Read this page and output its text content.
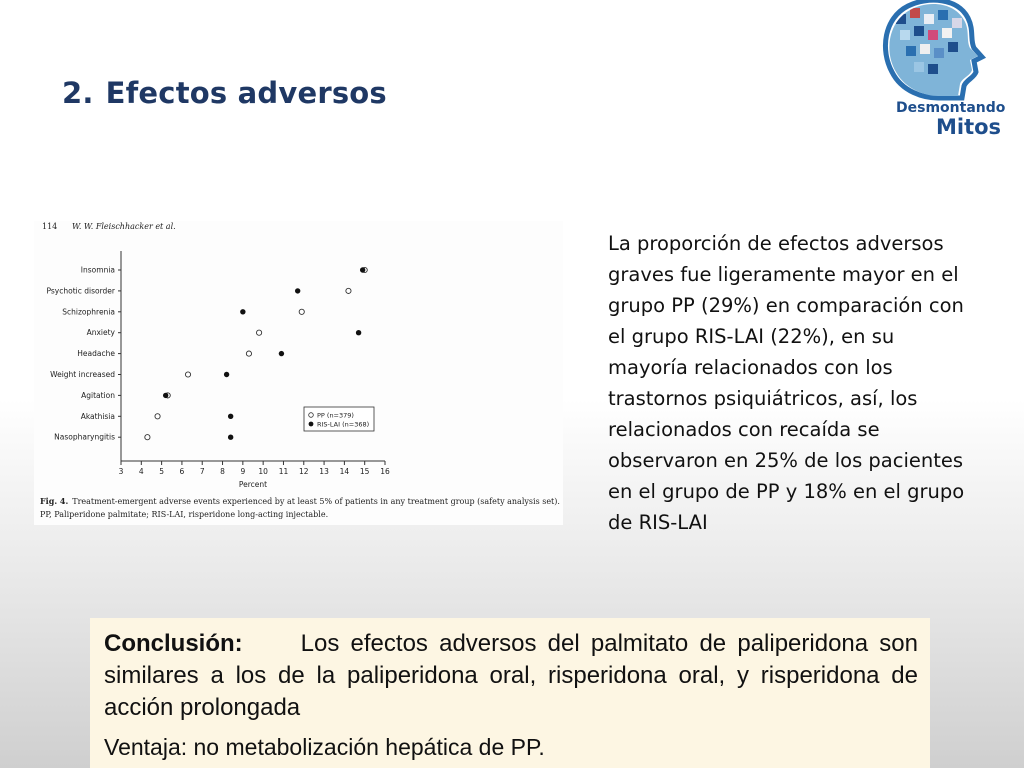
2. Efectos adversos	Desmontando
Mitos
114 W. W. Fleischhacker et al.
3 4 5 6 7 8 9 10 11 12 13 14 15 16
Percent
Insomnia
Psychotic disorder
Schizophrenia
Anxiety
Headache
Weight increased
Agitation
Akathisia
Nasopharyngitis
PP (n=379)
RIS-LAI (n=368)
Fig. 4. Treatment-emergent adverse events experienced by at least 5% of patients in any treatment group (safety analysis set).
PP, Paliperidone palmitate; RIS-LAI, risperidone long-acting injectable.
La proporción de efectos adversos graves fue ligeramente mayor en el grupo PP (29%) en comparación con el grupo RIS-LAI (22%), en su mayoría relacionados con los trastornos psiquiátricos, así, los relacionados con recaída se observaron en 25% de los pacientes en el grupo de PP y 18% en el grupo de RIS-LAI

Conclusión: Los efectos adversos del palmitato de paliperidona son similares a los de la paliperidona oral, risperidona oral, y risperidona de acción prolongada

Ventaja: no metabolización hepática de PP.
